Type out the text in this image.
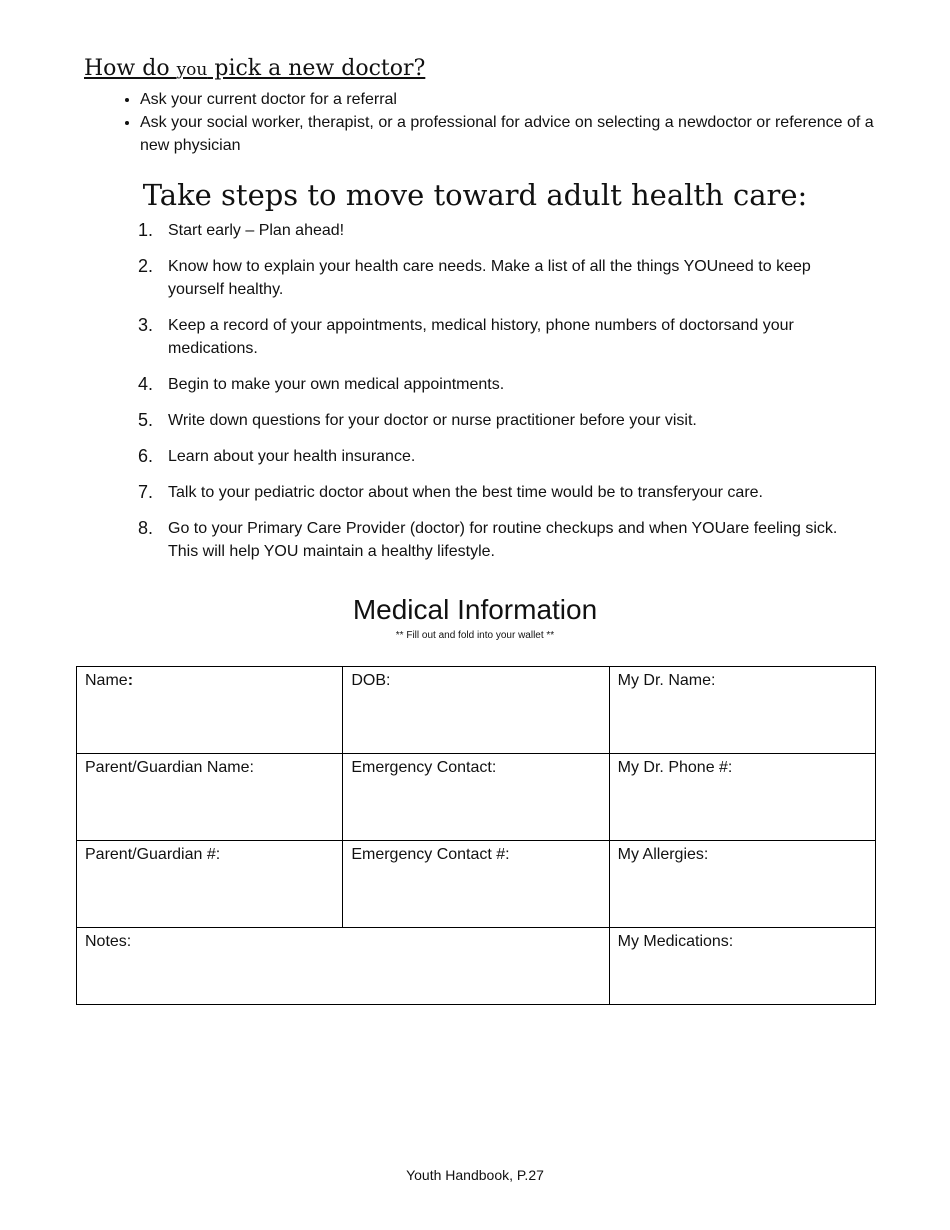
How do you pick a new doctor?
• Ask your current doctor for a referral
• Ask your social worker, therapist, or a professional for advice on selecting a newdoctor or reference of a new physician
Take steps to move toward adult health care:
1. Start early – Plan ahead!
2. Know how to explain your health care needs. Make a list of all the things YOUneed to keep yourself healthy.
3. Keep a record of your appointments, medical history, phone numbers of doctorsand your medications.
4. Begin to make your own medical appointments.
5. Write down questions for your doctor or nurse practitioner before your visit.
6. Learn about your health insurance.
7. Talk to your pediatric doctor about when the best time would be to transferyour care.
8. Go to your Primary Care Provider (doctor) for routine checkups and when YOUare feeling sick. This will help YOU maintain a healthy lifestyle.
Medical Information
** Fill out and fold into your wallet **
Name:	DOB:	My Dr. Name:
Parent/Guardian Name:	Emergency Contact:	My Dr. Phone #:
Parent/Guardian #:	Emergency Contact #:	My Allergies:
Notes:		My Medications:
Youth Handbook, P.27
